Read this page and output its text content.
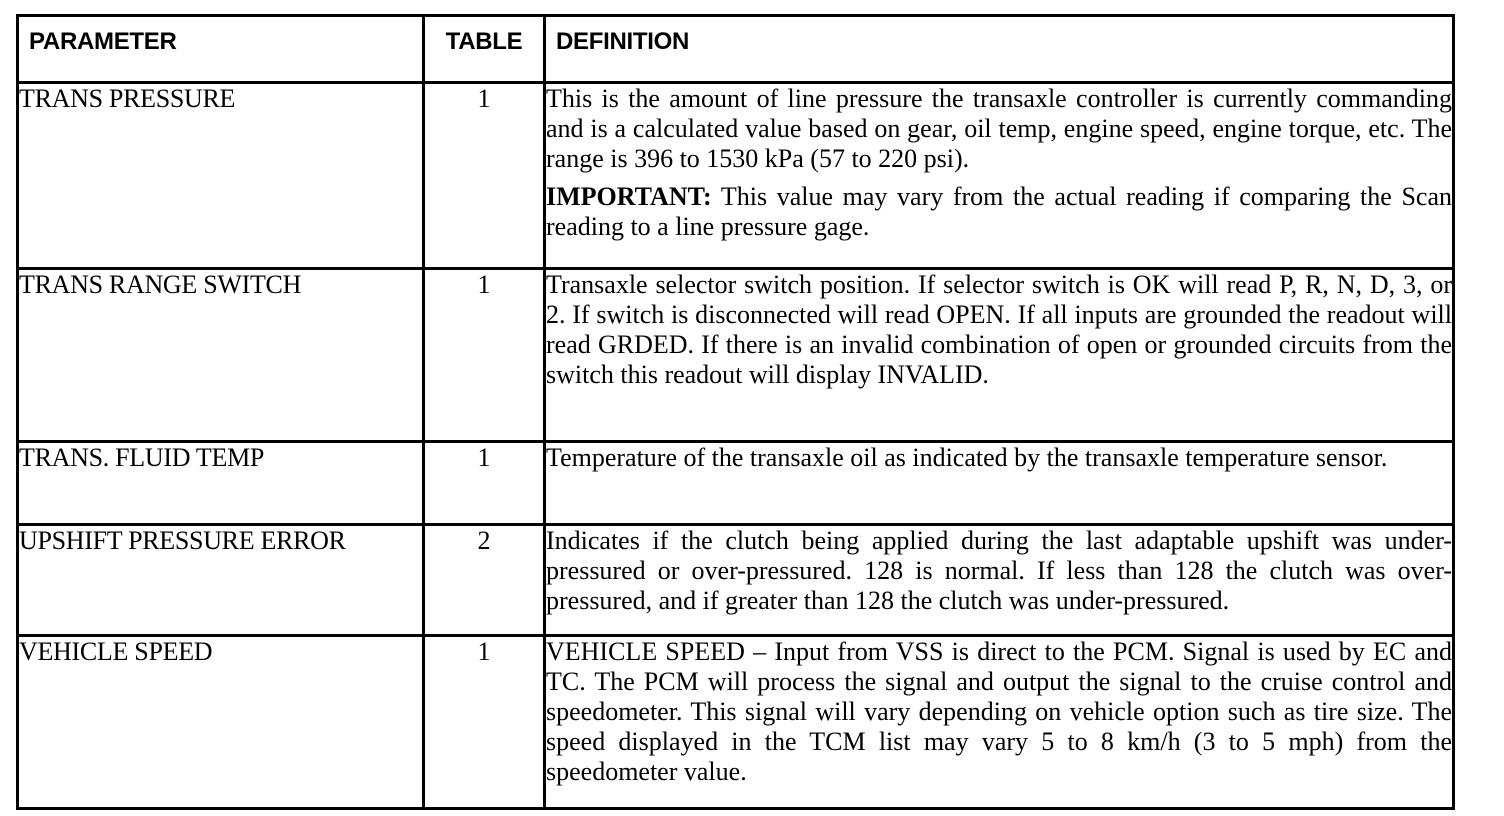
PARAMETER	TABLE	DEFINITION
TRANS PRESSURE	1	This is the amount of line pressure the transaxle controller is currently commanding and is a calculated value based on gear, oil temp, engine speed, engine torque, etc. The range is 396 to 1530 kPa (57 to 220 psi).

IMPORTANT: This value may vary from the actual reading if comparing the Scan reading to a line pressure gage.

TRANS RANGE SWITCH	1	Transaxle selector switch position. If selector switch is OK will read P, R, N, D, 3, or 2. If switch is disconnected will read OPEN. If all inputs are grounded the readout will read GRDED. If there is an invalid combination of open or grounded circuits from the switch this readout will display INVALID.

TRANS. FLUID TEMP	1	Temperature of the transaxle oil as indicated by the transaxle temperature sensor.

UPSHIFT PRESSURE ERROR	2	Indicates if the clutch being applied during the last adaptable upshift was under-pressured or over-pressured. 128 is normal. If less than 128 the clutch was over-pressured, and if greater than 128 the clutch was under-pressured.

VEHICLE SPEED	1	VEHICLE SPEED – Input from VSS is direct to the PCM. Signal is used by EC and TC. The PCM will process the signal and output the signal to the cruise control and speedometer. This signal will vary depending on vehicle option such as tire size. The speed displayed in the TCM list may vary 5 to 8 km/h (3 to 5 mph) from the speedometer value.
